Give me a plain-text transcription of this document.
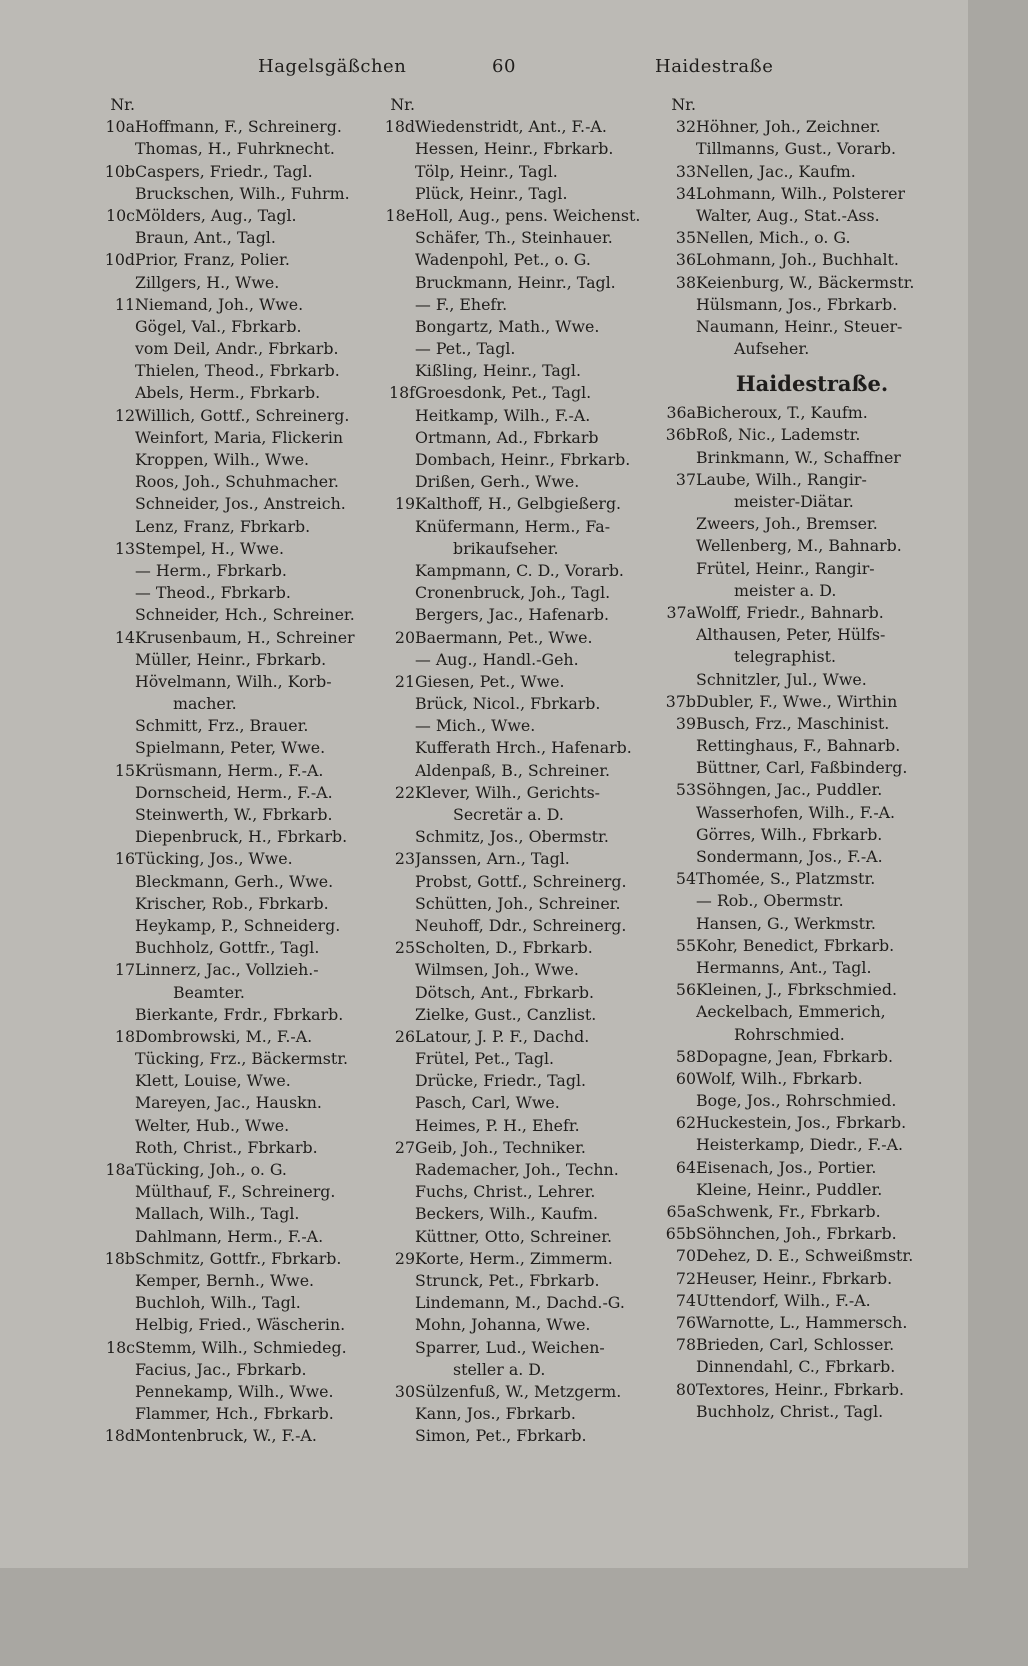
Hagelsgäßchen	60	Haidestraße
Nr.
10a Hoffmann, F., Schreinerg.
Thomas, H., Fuhrknecht.
10b Caspers, Friedr., Tagl.
Bruckschen, Wilh., Fuhrm.
10c Mölders, Aug., Tagl.
Braun, Ant., Tagl.
10d Prior, Franz, Polier.
Zillgers, H., Wwe.
11 Niemand, Joh., Wwe.
Gögel, Val., Fbrkarb.
vom Deil, Andr., Fbrkarb.
Thielen, Theod., Fbrkarb.
Abels, Herm., Fbrkarb.
12 Willich, Gottf., Schreinerg.
Weinfort, Maria, Flickerin
Kroppen, Wilh., Wwe.
Roos, Joh., Schuhmacher.
Schneider, Jos., Anstreich.
Lenz, Franz, Fbrkarb.
13 Stempel, H., Wwe.
— Herm., Fbrkarb.
— Theod., Fbrkarb.
Schneider, Hch., Schreiner.
14 Krusenbaum, H., Schreiner
Müller, Heinr., Fbrkarb.
Hövelmann, Wilh., Korb-
macher.
Schmitt, Frz., Brauer.
Spielmann, Peter, Wwe.
15 Krüsmann, Herm., F.-A.
Dornscheid, Herm., F.-A.
Steinwerth, W., Fbrkarb.
Diepenbruck, H., Fbrkarb.
16 Tücking, Jos., Wwe.
Bleckmann, Gerh., Wwe.
Krischer, Rob., Fbrkarb.
Heykamp, P., Schneiderg.
Buchholz, Gottfr., Tagl.
17 Linnerz, Jac., Vollzieh.-
Beamter.
Bierkante, Frdr., Fbrkarb.
18 Dombrowski, M., F.-A.
Tücking, Frz., Bäckermstr.
Klett, Louise, Wwe.
Mareyen, Jac., Hauskn.
Welter, Hub., Wwe.
Roth, Christ., Fbrkarb.
18a Tücking, Joh., o. G.
Mülthauf, F., Schreinerg.
Mallach, Wilh., Tagl.
Dahlmann, Herm., F.-A.
18b Schmitz, Gottfr., Fbrkarb.
Kemper, Bernh., Wwe.
Buchloh, Wilh., Tagl.
Helbig, Fried., Wäscherin.
18c Stemm, Wilh., Schmiedeg.
Facius, Jac., Fbrkarb.
Pennekamp, Wilh., Wwe.
Flammer, Hch., Fbrkarb.
18d Montenbruck, W., F.-A.
Nr.
18d Wiedenstridt, Ant., F.-A.
Hessen, Heinr., Fbrkarb.
Tölp, Heinr., Tagl.
Plück, Heinr., Tagl.
18e Holl, Aug., pens. Weichenst.
Schäfer, Th., Steinhauer.
Wadenpohl, Pet., o. G.
Bruckmann, Heinr., Tagl.
— F., Ehefr.
Bongartz, Math., Wwe.
— Pet., Tagl.
Kißling, Heinr., Tagl.
18f Groesdonk, Pet., Tagl.
Heitkamp, Wilh., F.-A.
Ortmann, Ad., Fbrkarb
Dombach, Heinr., Fbrkarb.
Drißen, Gerh., Wwe.
19 Kalthoff, H., Gelbgießerg.
Knüfermann, Herm., Fa-
brikaufseher.
Kampmann, C. D., Vorarb.
Cronenbruck, Joh., Tagl.
Bergers, Jac., Hafenarb.
20 Baermann, Pet., Wwe.
— Aug., Handl.-Geh.
21 Giesen, Pet., Wwe.
Brück, Nicol., Fbrkarb.
— Mich., Wwe.
Kufferath Hrch., Hafenarb.
Aldenpaß, B., Schreiner.
22 Klever, Wilh., Gerichts-
Secretär a. D.
Schmitz, Jos., Obermstr.
23 Janssen, Arn., Tagl.
Probst, Gottf., Schreinerg.
Schütten, Joh., Schreiner.
Neuhoff, Ddr., Schreinerg.
25 Scholten, D., Fbrkarb.
Wilmsen, Joh., Wwe.
Dötsch, Ant., Fbrkarb.
Zielke, Gust., Canzlist.
26 Latour, J. P. F., Dachd.
Frütel, Pet., Tagl.
Drücke, Friedr., Tagl.
Pasch, Carl, Wwe.
Heimes, P. H., Ehefr.
27 Geib, Joh., Techniker.
Rademacher, Joh., Techn.
Fuchs, Christ., Lehrer.
Beckers, Wilh., Kaufm.
Küttner, Otto, Schreiner.
29 Korte, Herm., Zimmerm.
Strunck, Pet., Fbrkarb.
Lindemann, M., Dachd.-G.
Mohn, Johanna, Wwe.
Sparrer, Lud., Weichen-
steller a. D.
30 Sülzenfuß, W., Metzgerm.
Kann, Jos., Fbrkarb.
Simon, Pet., Fbrkarb.
Nr.
32 Höhner, Joh., Zeichner.
Tillmanns, Gust., Vorarb.
33 Nellen, Jac., Kaufm.
34 Lohmann, Wilh., Polsterer
Walter, Aug., Stat.-Ass.
35 Nellen, Mich., o. G.
36 Lohmann, Joh., Buchhalt.
38 Keienburg, W., Bäckermstr.
Hülsmann, Jos., Fbrkarb.
Naumann, Heinr., Steuer-
Aufseher.
Haidestraße.
36a Bicheroux, T., Kaufm.
36b Roß, Nic., Lademstr.
Brinkmann, W., Schaffner
37 Laube, Wilh., Rangir-
meister-Diätar.
Zweers, Joh., Bremser.
Wellenberg, M., Bahnarb.
Frütel, Heinr., Rangir-
meister a. D.
37a Wolff, Friedr., Bahnarb.
Althausen, Peter, Hülfs-
telegraphist.
Schnitzler, Jul., Wwe.
37b Dubler, F., Wwe., Wirthin
39 Busch, Frz., Maschinist.
Rettinghaus, F., Bahnarb.
Büttner, Carl, Faßbinderg.
53 Söhngen, Jac., Puddler.
Wasserhofen, Wilh., F.-A.
Görres, Wilh., Fbrkarb.
Sondermann, Jos., F.-A.
54 Thomée, S., Platzmstr.
— Rob., Obermstr.
Hansen, G., Werkmstr.
55 Kohr, Benedict, Fbrkarb.
Hermanns, Ant., Tagl.
56 Kleinen, J., Fbrkschmied.
Aeckelbach, Emmerich,
Rohrschmied.
58 Dopagne, Jean, Fbrkarb.
60 Wolf, Wilh., Fbrkarb.
Boge, Jos., Rohrschmied.
62 Huckestein, Jos., Fbrkarb.
Heisterkamp, Diedr., F.-A.
64 Eisenach, Jos., Portier.
Kleine, Heinr., Puddler.
65a Schwenk, Fr., Fbrkarb.
65b Söhnchen, Joh., Fbrkarb.
70 Dehez, D. E., Schweißmstr.
72 Heuser, Heinr., Fbrkarb.
74 Uttendorf, Wilh., F.-A.
76 Warnotte, L., Hammersch.
78 Brieden, Carl, Schlosser.
Dinnendahl, C., Fbrkarb.
80 Textores, Heinr., Fbrkarb.
Buchholz, Christ., Tagl.
